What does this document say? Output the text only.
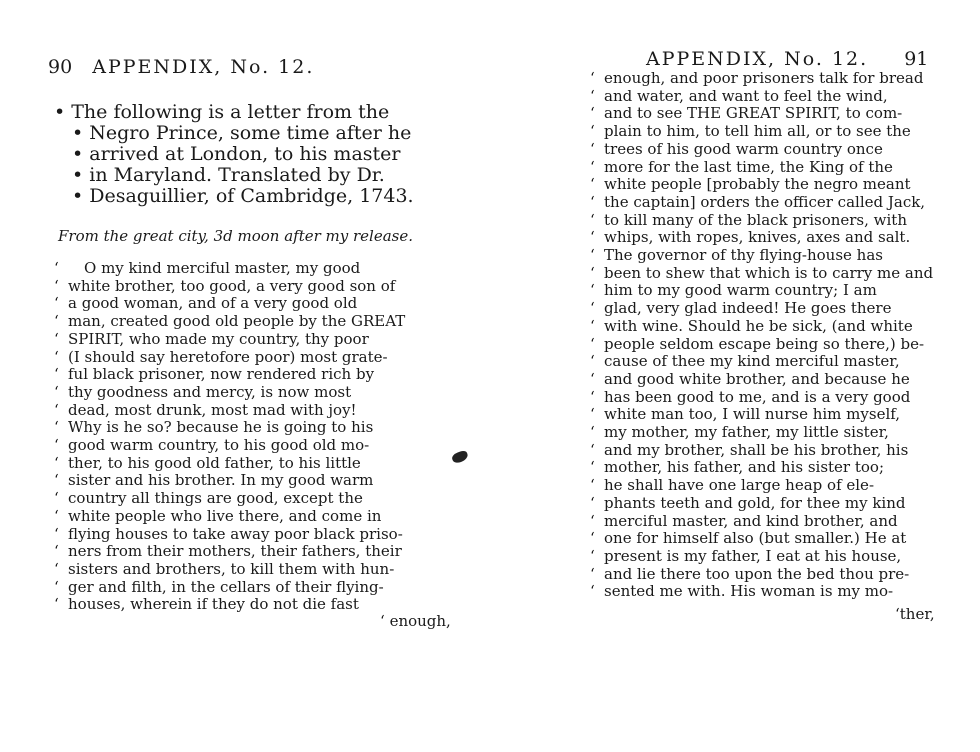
90 APPENDIX, No. 12.
• The following is a letter from the
• Negro Prince, some time after he
• arrived at London, to his master
• in Maryland. Translated by Dr.
• Desaguillier, of Cambridge, 1743.
From the great city, 3d moon after my release.
‘ O my kind merciful master, my good
‘ white brother, too good, a very good son of
‘ a good woman, and of a very good old
‘ man, created good old people by the GREAT
‘ SPIRIT, who made my country, thy poor
‘ (I should say heretofore poor) most grate-
‘ ful black prisoner, now rendered rich by
‘ thy goodness and mercy, is now most
‘ dead, most drunk, most mad with joy!
‘ Why is he so? because he is going to his
‘ good warm country, to his good old mo-
‘ ther, to his good old father, to his little
‘ sister and his brother. In my good warm
‘ country all things are good, except the
‘ white people who live there, and come in
‘ flying houses to take away poor black priso-
‘ ners from their mothers, their fathers, their
‘ sisters and brothers, to kill them with hun-
‘ ger and filth, in the cellars of their flying-
‘ houses, wherein if they do not die fast
‘ enough,
APPENDIX, No. 12. 91
‘ enough, and poor prisoners talk for bread
‘ and water, and want to feel the wind,
‘ and to see THE GREAT SPIRIT, to com-
‘ plain to him, to tell him all, or to see the
‘ trees of his good warm country once
‘ more for the last time, the King of the
‘ white people [probably the negro meant
‘ the captain] orders the officer called Jack,
‘ to kill many of the black prisoners, with
‘ whips, with ropes, knives, axes and salt.
‘ The governor of thy flying-house has
‘ been to shew that which is to carry me and
‘ him to my good warm country; I am
‘ glad, very glad indeed! He goes there
‘ with wine. Should he be sick, (and white
‘ people seldom escape being so there,) be-
‘ cause of thee my kind merciful master,
‘ and good white brother, and because he
‘ has been good to me, and is a very good
‘ white man too, I will nurse him myself,
‘ my mother, my father, my little sister,
‘ and my brother, shall be his brother, his
‘ mother, his father, and his sister too;
‘ he shall have one large heap of ele-
‘ phants teeth and gold, for thee my kind
‘ merciful master, and kind brother, and
‘ one for himself also (but smaller.) He at
‘ present is my father, I eat at his house,
‘ and lie there too upon the bed thou pre-
‘ sented me with. His woman is my mo-
‘ther,
